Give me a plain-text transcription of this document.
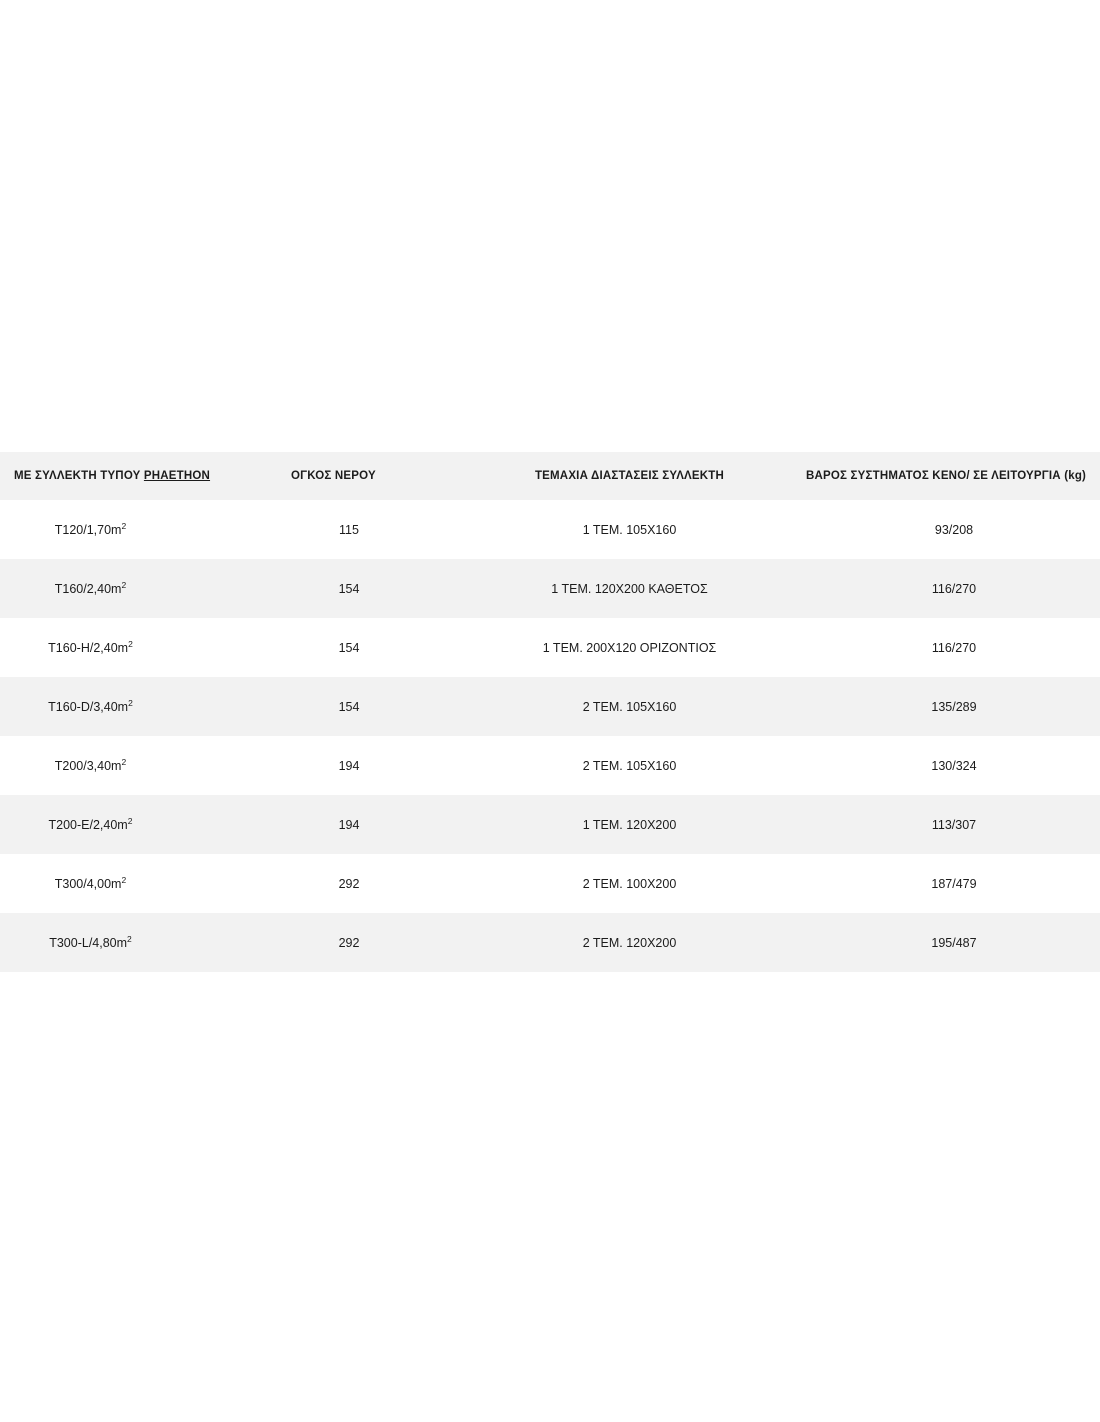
ΜΕ ΣΥΛΛΕΚΤΗ ΤΥΠΟΥ PHAETHON	ΟΓΚΟΣ ΝΕΡΟΥ	ΤΕΜΑΧΙΑ ΔΙΑΣΤΑΣΕΙΣ ΣΥΛΛΕΚΤΗ	ΒΑΡΟΣ ΣΥΣΤΗΜΑΤΟΣ ΚΕΝΟ/ ΣΕ ΛΕΙΤΟΥΡΓΙΑ (kg)
$T120/1,70m^2$	115	1 ΤΕΜ. 105Χ160	93/208
$T160/2,40m^2$	154	1 ΤΕΜ. 120Χ200 ΚΑΘΕΤΟΣ	116/270
$T160-H/2,40m^2$	154	1 ΤΕΜ. 200Χ120 ΟΡΙΖΟΝΤΙΟΣ	116/270
$T160-D/3,40m^2$	154	2 ΤΕΜ. 105Χ160	135/289
$T200/3,40m^2$	194	2 ΤΕΜ. 105Χ160	130/324
$T200-E/2,40m^2$	194	1 ΤΕΜ. 120Χ200	113/307
$T300/4,00m^2$	292	2 ΤΕΜ. 100Χ200	187/479
$T300-L/4,80m^2$	292	2 ΤΕΜ. 120Χ200	195/487
